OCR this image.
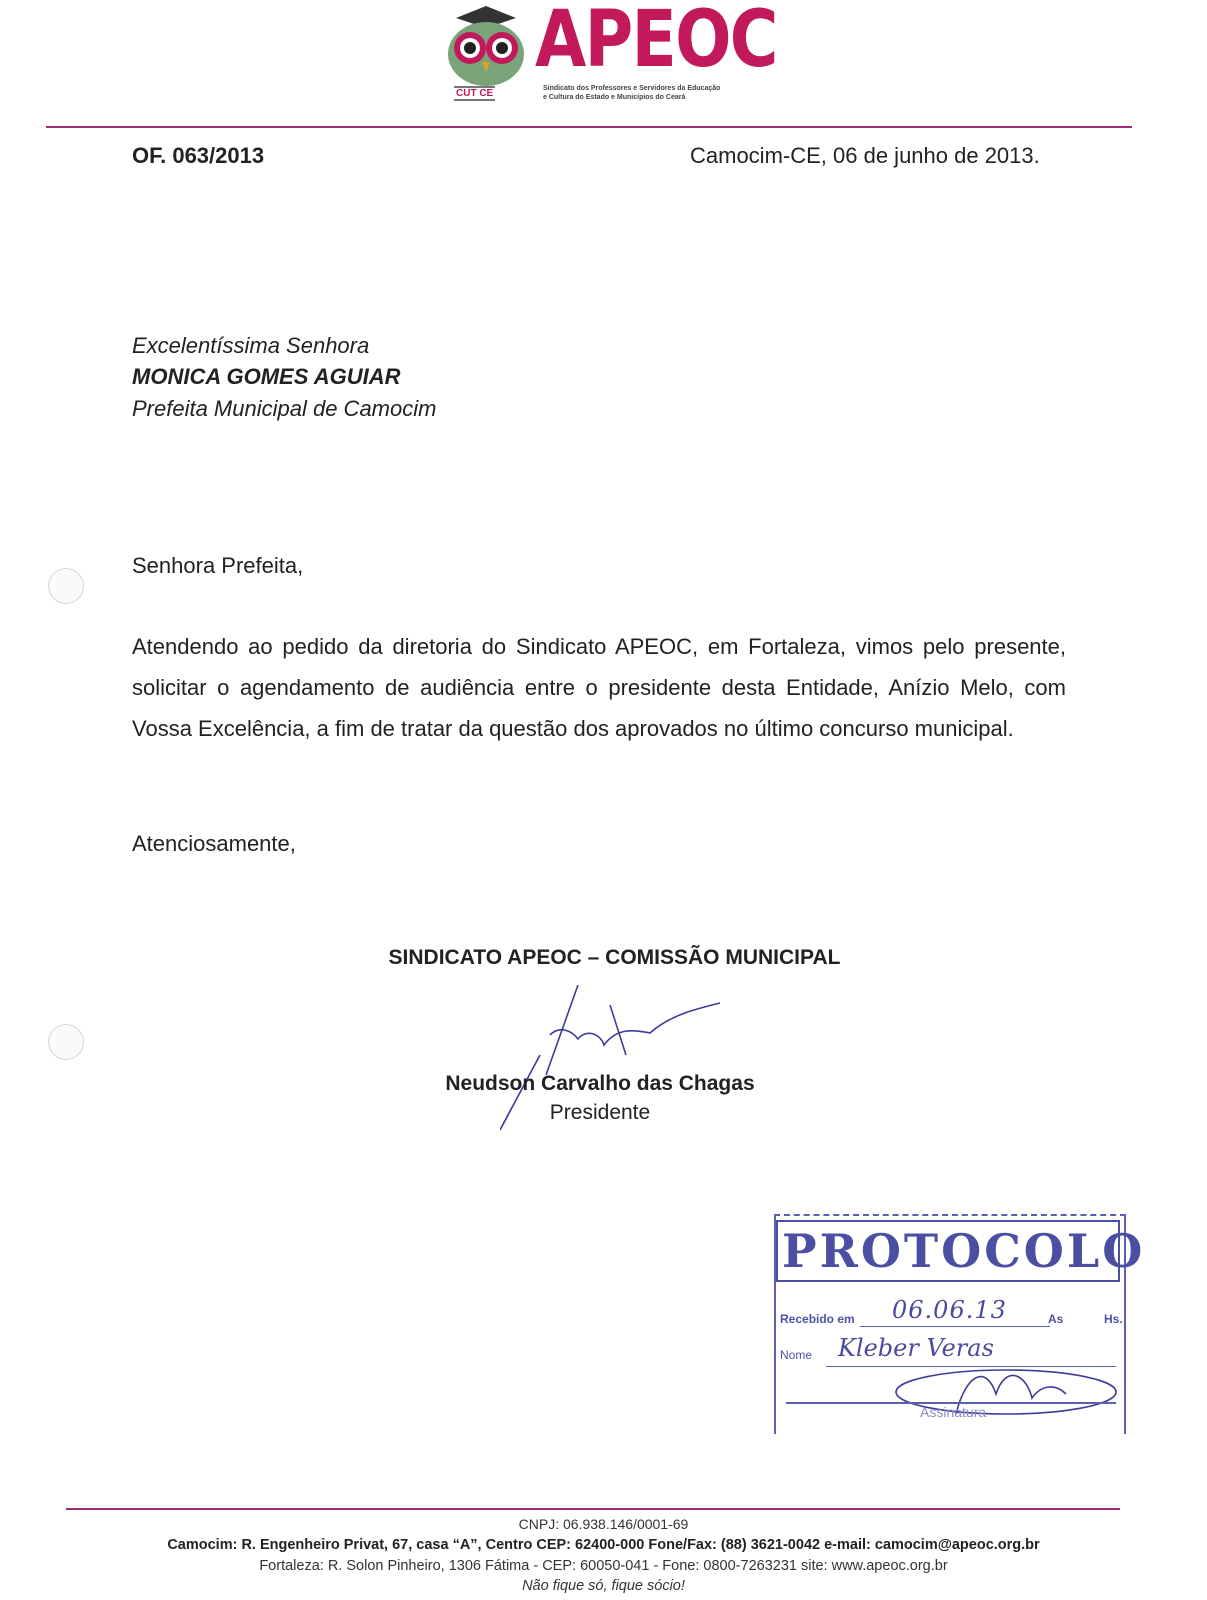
APEOC
CUT CE	Sindicato dos Professores e Servidores da Educação
e Cultura do Estado e Municípios do Ceará
OF. 063/2013	Camocim-CE, 06 de junho de 2013.
Excelentíssima Senhora
MONICA GOMES AGUIAR
Prefeita Municipal de Camocim
Senhora Prefeita,
Atendendo ao pedido da diretoria do Sindicato APEOC, em Fortaleza, vimos pelo presente, solicitar o agendamento de audiência entre o presidente desta Entidade, Anízio Melo, com Vossa Excelência, a fim de tratar da questão dos aprovados no último concurso municipal.
Atenciosamente,
SINDICATO APEOC – COMISSÃO MUNICIPAL
Neudson Carvalho das Chagas
Presidente
PROTOCOLO
Recebido em 06.06.13	As	Hs.
Nome Kleber Veras
Assinatura
CNPJ: 06.938.146/0001-69
Camocim: R. Engenheiro Privat, 67, casa “A”, Centro CEP: 62400-000 Fone/Fax: (88) 3621-0042 e-mail: camocim@apeoc.org.br
Fortaleza: R. Solon Pinheiro, 1306 Fátima - CEP: 60050-041 - Fone: 0800-7263231 site: www.apeoc.org.br
Não fique só, fique sócio!
